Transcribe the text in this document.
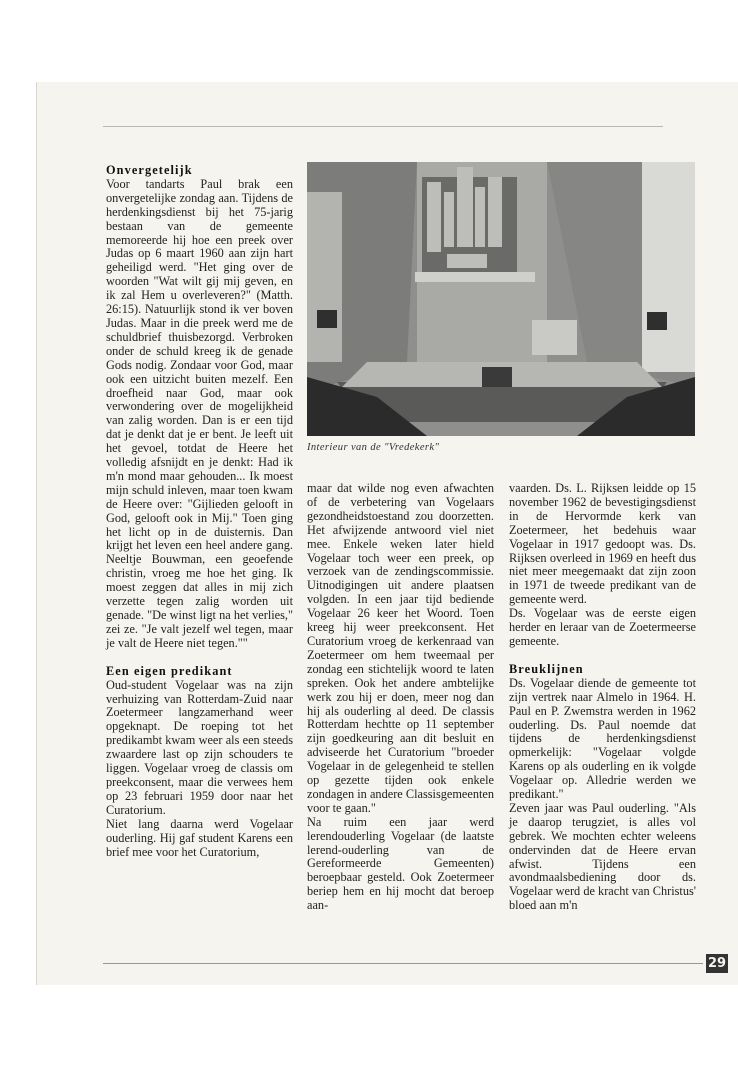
Onvergetelijk

Voor tandarts Paul brak een onvergetelijke zondag aan. Tijdens de herdenkingsdienst bij het 75-jarig bestaan van de gemeente memoreerde hij hoe een preek over Judas op 6 maart 1960 aan zijn hart geheiligd werd. "Het ging over de woorden "Wat wilt gij mij geven, en ik zal Hem u overleveren?" (Matth. 26:15). Natuurlijk stond ik ver boven Judas. Maar in die preek werd me de schuldbrief thuisbezorgd. Verbroken onder de schuld kreeg ik de genade Gods nodig. Zondaar voor God, maar ook een uitzicht buiten mezelf. Een droefheid naar God, maar ook verwondering over de mogelijkheid van zalig worden. Dan is er een tijd dat je denkt dat je er bent. Je leeft uit het gevoel, totdat de Heere het volledig afsnijdt en je denkt: Had ik m'n mond maar gehouden... Ik moest mijn schuld inleven, maar toen kwam de Heere over: "Gijlieden gelooft in God, gelooft ook in Mij." Toen ging het licht op in de duisternis. Dan krijgt het leven een heel andere gang. Neeltje Bouwman, een geoefende christin, vroeg me hoe het ging. Ik moest zeggen dat alles in mij zich verzette tegen zalig worden uit genade. "De winst ligt na het verlies," zei ze. "Je valt jezelf wel tegen, maar je valt de Heere niet tegen.""

Een eigen predikant

Oud-student Vogelaar was na zijn verhuizing van Rotterdam-Zuid naar Zoetermeer langzamerhand weer opgeknapt. De roeping tot het predikambt kwam weer als een steeds zwaardere last op zijn schouders te liggen. Vogelaar vroeg de classis om preekconsent, maar die verwees hem op 23 februari 1959 door naar het Curatorium.

Niet lang daarna werd Vogelaar ouderling. Hij gaf student Karens een brief mee voor het Curatorium,

Interieur van de "Vredekerk"

maar dat wilde nog even afwachten of de verbetering van Vogelaars gezondheidstoestand zou doorzetten. Het afwijzende antwoord viel niet mee. Enkele weken later hield Vogelaar toch weer een preek, op verzoek van de zendingscommissie. Uitnodigingen uit andere plaatsen volgden. In een jaar tijd bediende Vogelaar 26 keer het Woord. Toen kreeg hij weer preekconsent. Het Curatorium vroeg de kerkenraad van Zoetermeer om hem tweemaal per zondag een stichtelijk woord te laten spreken. Ook het andere ambtelijke werk zou hij er doen, meer nog dan hij als ouderling al deed. De classis Rotterdam hechtte op 11 september zijn goedkeuring aan dit besluit en adviseerde het Curatorium "broeder Vogelaar in de gelegenheid te stellen op gezette tijden ook enkele zondagen in andere Classisgemeenten voor te gaan."

Na ruim een jaar werd lerendouderling Vogelaar (de laatste lerend-ouderling van de Gereformeerde Gemeenten) beroepbaar gesteld. Ook Zoetermeer beriep hem en hij mocht dat beroep aan-

vaarden. Ds. L. Rijksen leidde op 15 november 1962 de bevestigingsdienst in de Hervormde kerk van Zoetermeer, het bedehuis waar Vogelaar in 1917 gedoopt was. Ds. Rijksen overleed in 1969 en heeft dus niet meer meegemaakt dat zijn zoon in 1971 de tweede predikant van de gemeente werd.

Ds. Vogelaar was de eerste eigen herder en leraar van de Zoetermeerse gemeente.

Breuklijnen

Ds. Vogelaar diende de gemeente tot zijn vertrek naar Almelo in 1964. H. Paul en P. Zwemstra werden in 1962 ouderling. Ds. Paul noemde dat tijdens de herdenkingsdienst opmerkelijk: "Vogelaar volgde Karens op als ouderling en ik volgde Vogelaar op. Alledrie werden we predikant."

Zeven jaar was Paul ouderling. "Als je daarop terugziet, is alles vol gebrek. We mochten echter weleens ondervinden dat de Heere ervan afwist. Tijdens een avondmaalsbediening door ds. Vogelaar werd de kracht van Christus' bloed aan m'n

29
